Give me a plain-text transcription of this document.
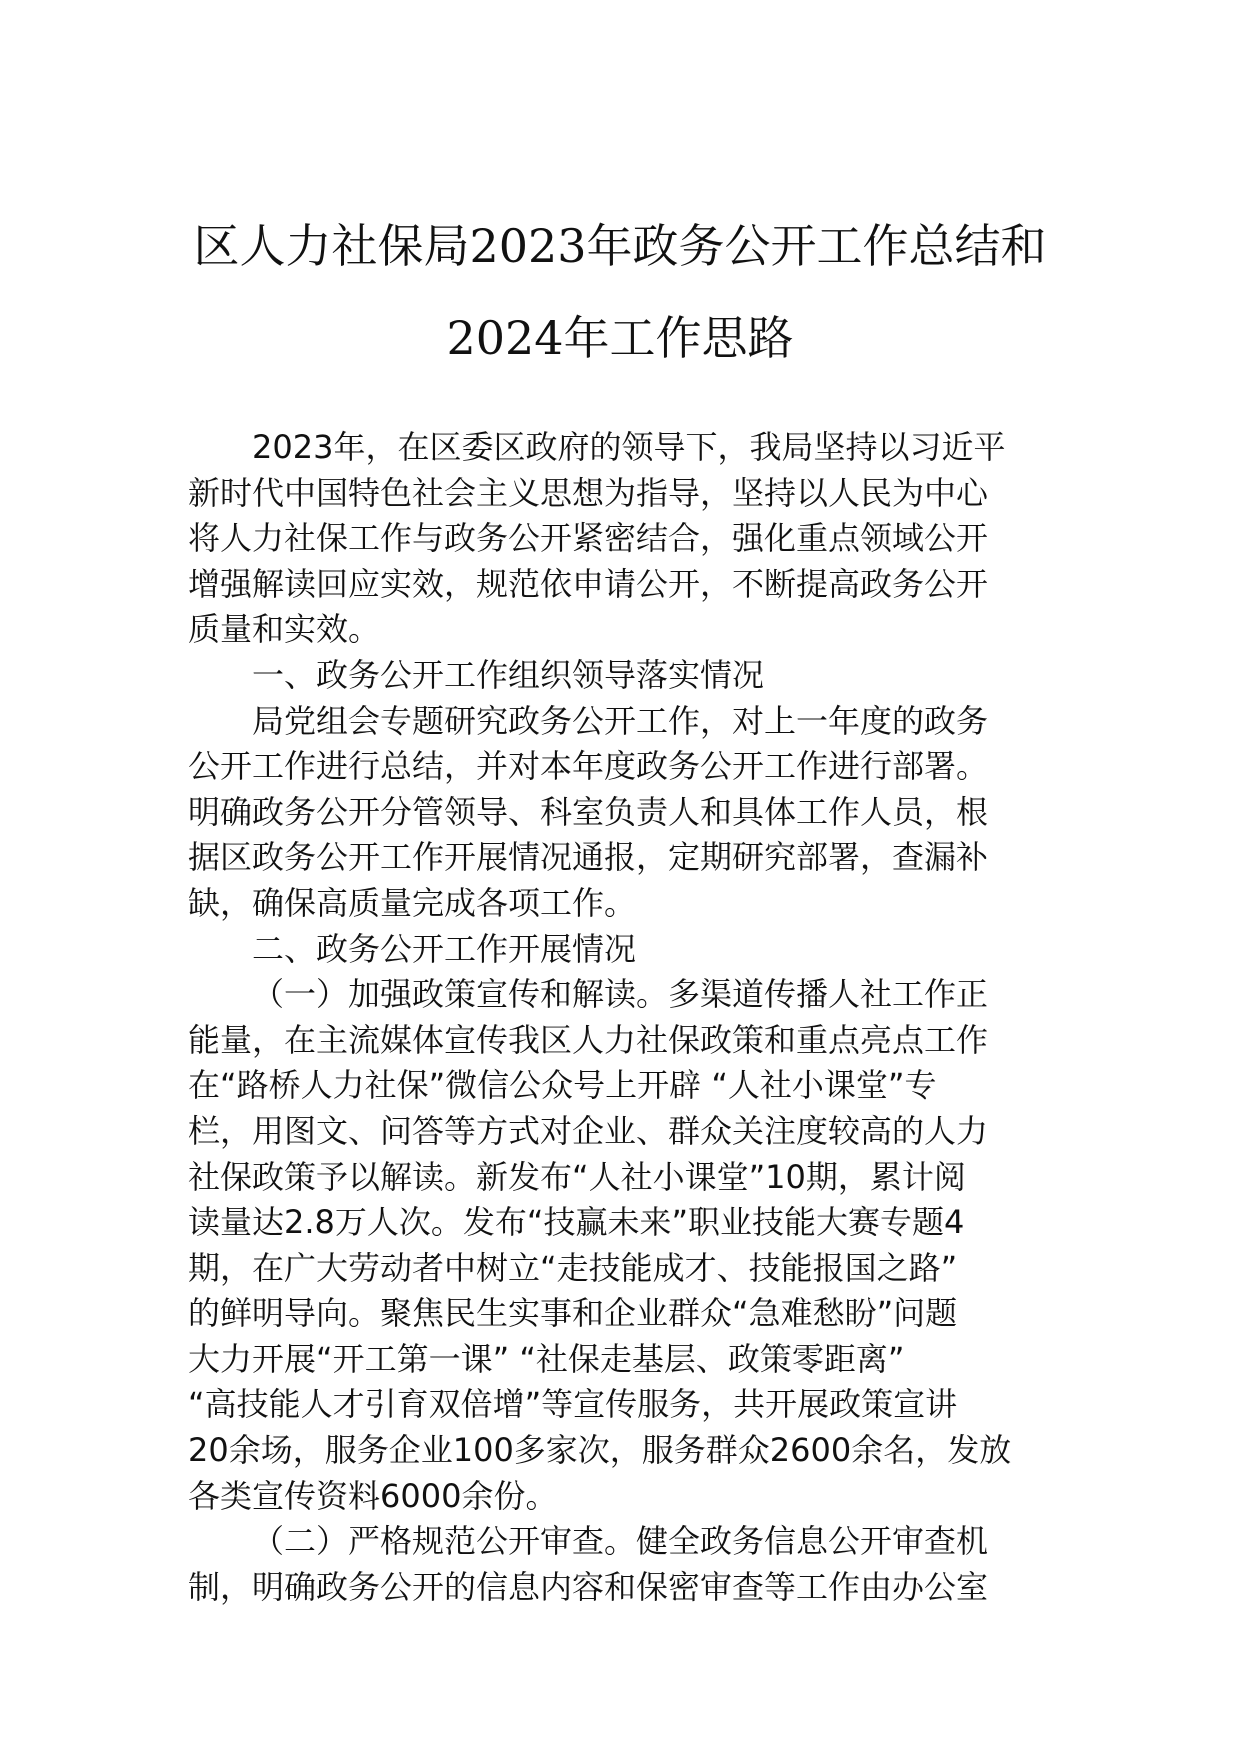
区人力社保局2023年政务公开工作总结和
2024年工作思路
2023年，在区委区政府的领导下，我局坚持以习近平
新时代中国特色社会主义思想为指导，坚持以人民为中心
将人力社保工作与政务公开紧密结合，强化重点领域公开
增强解读回应实效，规范依申请公开，不断提高政务公开
质量和实效。
一、政务公开工作组织领导落实情况
局党组会专题研究政务公开工作，对上一年度的政务
公开工作进行总结，并对本年度政务公开工作进行部署。
明确政务公开分管领导、科室负责人和具体工作人员，根
据区政务公开工作开展情况通报，定期研究部署，查漏补
缺，确保高质量完成各项工作。
二、政务公开工作开展情况
（一）加强政策宣传和解读。多渠道传播人社工作正
能量，在主流媒体宣传我区人力社保政策和重点亮点工作
在“路桥人力社保”微信公众号上开辟 “人社小课堂”专
栏，用图文、问答等方式对企业、群众关注度较高的人力
社保政策予以解读。新发布“人社小课堂”10期，累计阅
读量达2.8万人次。发布“技赢未来”职业技能大赛专题4
期，在广大劳动者中树立“走技能成才、技能报国之路”
的鲜明导向。聚焦民生实事和企业群众“急难愁盼”问题
大力开展“开工第一课” “社保走基层、政策零距离”
“高技能人才引育双倍增”等宣传服务，共开展政策宣讲
20余场，服务企业100多家次，服务群众2600余名，发放
各类宣传资料6000余份。
（二）严格规范公开审查。健全政务信息公开审查机
制，明确政务公开的信息内容和保密审查等工作由办公室
